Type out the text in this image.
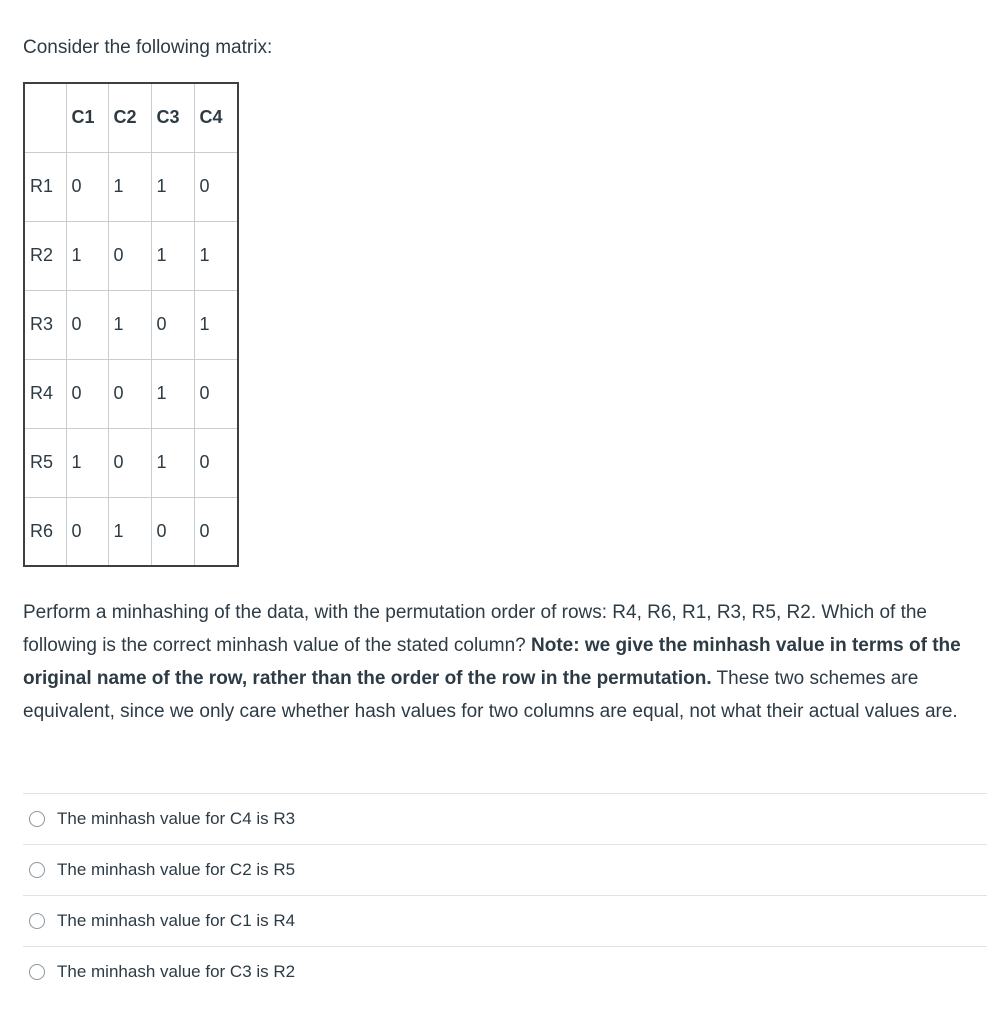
Consider the following matrix:
	C1	C2	C3	C4
R1	0	1	1	0
R2	1	0	1	1
R3	0	1	0	1
R4	0	0	1	0
R5	1	0	1	0
R6	0	1	0	0
Perform a minhashing of the data, with the permutation order of rows: R4, R6, R1, R3, R5, R2. Which of the following is the correct minhash value of the stated column? Note: we give the minhash value in terms of the original name of the row, rather than the order of the row in the permutation. These two schemes are equivalent, since we only care whether hash values for two columns are equal, not what their actual values are.
The minhash value for C4 is R3
The minhash value for C2 is R5
The minhash value for C1 is R4
The minhash value for C3 is R2
